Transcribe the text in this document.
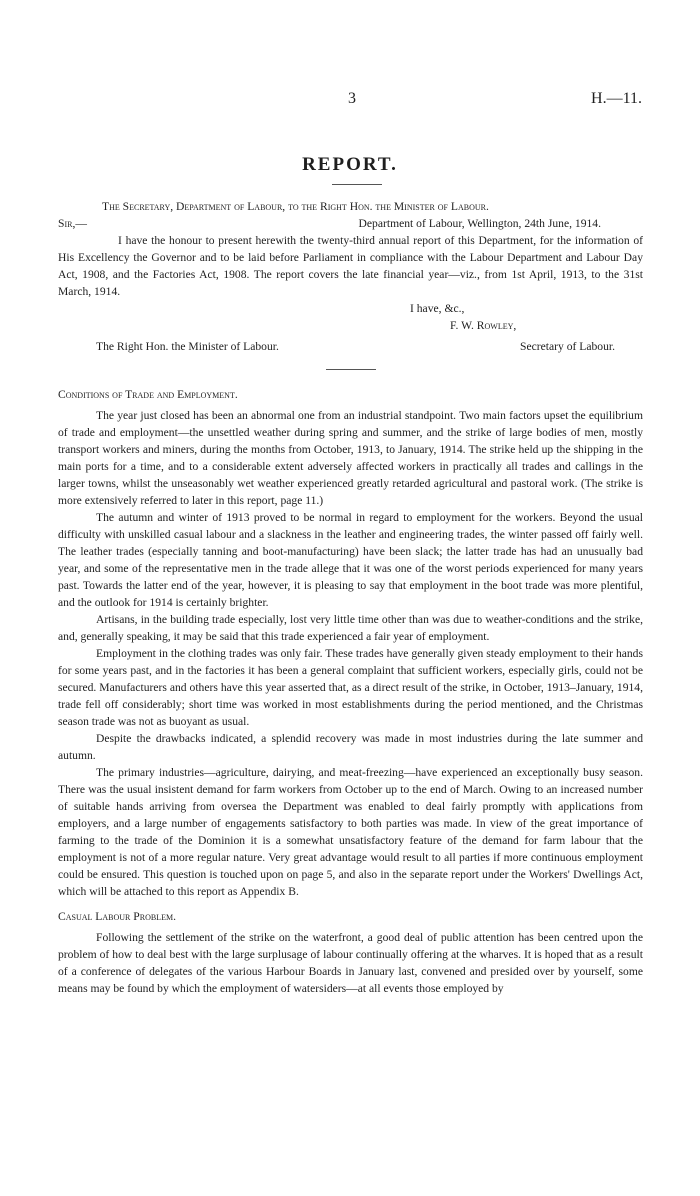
3	H.—11.
REPORT.

The Secretary, Department of Labour, to the Right Hon. the Minister of Labour.

Sir,—	Department of Labour, Wellington, 24th June, 1914.

I have the honour to present herewith the twenty-third annual report of this Department, for the information of His Excellency the Governor and to be laid before Parliament in compliance with the Labour Department and Labour Day Act, 1908, and the Factories Act, 1908. The report covers the late financial year—viz., from 1st April, 1913, to the 31st March, 1914.

I have, &c.,
F. W. Rowley,
The Right Hon. the Minister of Labour.	Secretary of Labour.

Conditions of Trade and Employment.

The year just closed has been an abnormal one from an industrial standpoint. Two main factors upset the equilibrium of trade and employment—the unsettled weather during spring and summer, and the strike of large bodies of men, mostly transport workers and miners, during the months from October, 1913, to January, 1914. The strike held up the shipping in the main ports for a time, and to a considerable extent adversely affected workers in practically all trades and callings in the larger towns, whilst the unseasonably wet weather experienced greatly retarded agricultural and pastoral work. (The strike is more extensively referred to later in this report, page 11.)

The autumn and winter of 1913 proved to be normal in regard to employment for the workers. Beyond the usual difficulty with unskilled casual labour and a slackness in the leather and engineering trades, the winter passed off fairly well. The leather trades (especially tanning and boot-manufacturing) have been slack; the latter trade has had an unusually bad year, and some of the representative men in the trade allege that it was one of the worst periods experienced for many years past. Towards the latter end of the year, however, it is pleasing to say that employment in the boot trade was more plentiful, and the outlook for 1914 is certainly brighter.

Artisans, in the building trade especially, lost very little time other than was due to weather-conditions and the strike, and, generally speaking, it may be said that this trade experienced a fair year of employment.

Employment in the clothing trades was only fair. These trades have generally given steady employment to their hands for some years past, and in the factories it has been a general complaint that sufficient workers, especially girls, could not be secured. Manufacturers and others have this year asserted that, as a direct result of the strike, in October, 1913–January, 1914, trade fell off considerably; short time was worked in most establishments during the period mentioned, and the Christmas season trade was not as buoyant as usual.

Despite the drawbacks indicated, a splendid recovery was made in most industries during the late summer and autumn.

The primary industries—agriculture, dairying, and meat-freezing—have experienced an exceptionally busy season. There was the usual insistent demand for farm workers from October up to the end of March. Owing to an increased number of suitable hands arriving from oversea the Department was enabled to deal fairly promptly with applications from employers, and a large number of engagements satisfactory to both parties was made. In view of the great importance of farming to the trade of the Dominion it is a somewhat unsatisfactory feature of the demand for farm labour that the employment is not of a more regular nature. Very great advantage would result to all parties if more continuous employment could be ensured. This question is touched upon on page 5, and also in the separate report under the Workers' Dwellings Act, which will be attached to this report as Appendix B.

Casual Labour Problem.

Following the settlement of the strike on the waterfront, a good deal of public attention has been centred upon the problem of how to deal best with the large surplusage of labour continually offering at the wharves. It is hoped that as a result of a conference of delegates of the various Harbour Boards in January last, convened and presided over by yourself, some means may be found by which the employment of watersiders—at all events those employed by
